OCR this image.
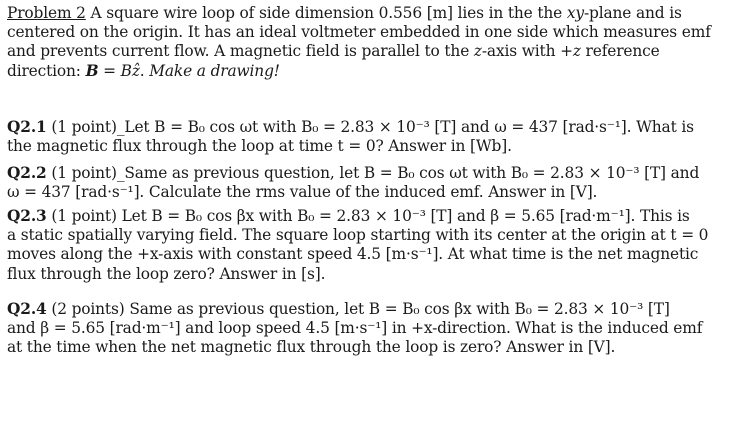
Problem 2 A square wire loop of side dimension 0.556 [m] lies in the the xy-plane and is
centered on the origin. It has an ideal voltmeter embedded in one side which measures emf
and prevents current flow. A magnetic field is parallel to the z-axis with +z reference
direction: B = Bẑ. Make a drawing!
Q2.1 (1 point)_Let B = B₀ cos ωt with B₀ = 2.83 × 10⁻³ [T] and ω = 437 [rad·s⁻¹]. What is
the magnetic flux through the loop at time t = 0? Answer in [Wb].
Q2.2 (1 point)_Same as previous question, let B = B₀ cos ωt with B₀ = 2.83 × 10⁻³ [T] and
ω = 437 [rad·s⁻¹]. Calculate the rms value of the induced emf. Answer in [V].
Q2.3 (1 point) Let B = B₀ cos βx with B₀ = 2.83 × 10⁻³ [T] and β = 5.65 [rad·m⁻¹]. This is
a static spatially varying field. The square loop starting with its center at the origin at t = 0
moves along the +x-axis with constant speed 4.5 [m·s⁻¹]. At what time is the net magnetic
flux through the loop zero? Answer in [s].
Q2.4 (2 points) Same as previous question, let B = B₀ cos βx with B₀ = 2.83 × 10⁻³ [T]
and β = 5.65 [rad·m⁻¹] and loop speed 4.5 [m·s⁻¹] in +x-direction. What is the induced emf
at the time when the net magnetic flux through the loop is zero? Answer in [V].
